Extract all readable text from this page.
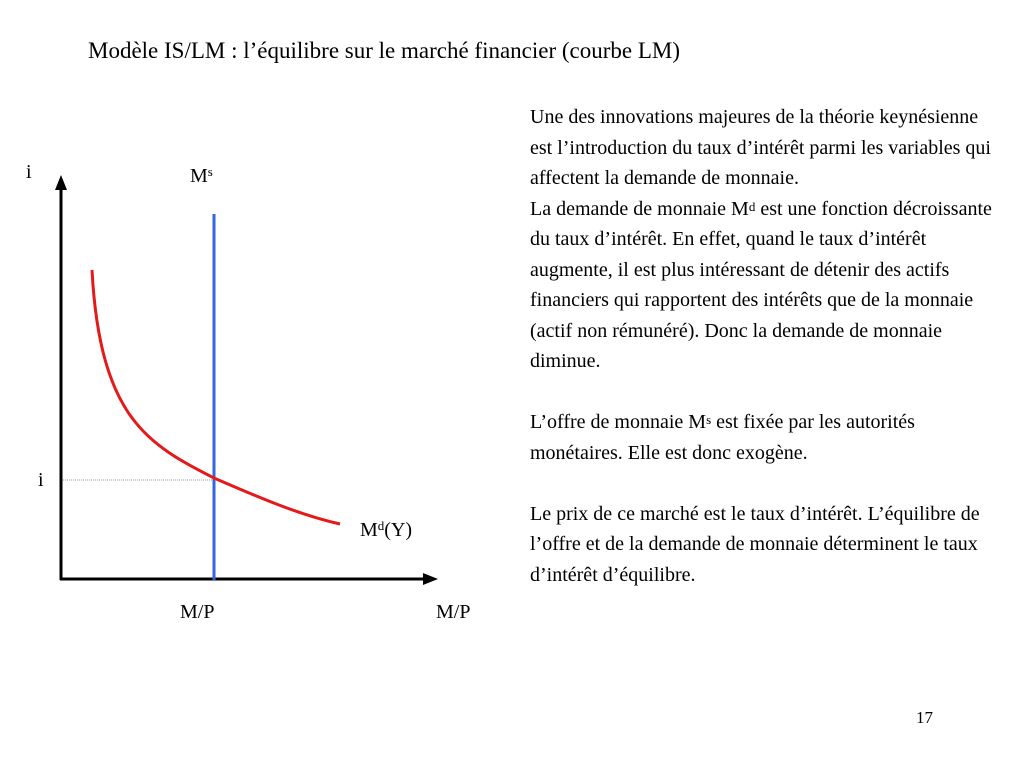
Modèle IS/LM : l’équilibre sur le marché financier (courbe LM)
i
i
$M^s$
$M^d(Y)$
M/P	M/P

Une des innovations majeures de la théorie keynésienne est l’introduction du taux d’intérêt parmi les variables qui affectent la demande de monnaie.

La demande de monnaie $M^d$ est une fonction décroissante du taux d’intérêt. En effet, quand le taux d’intérêt augmente, il est plus intéressant de détenir des actifs financiers qui rapportent des intérêts que de la monnaie (actif non rémunéré). Donc la demande de monnaie diminue.

L’offre de monnaie $M^s$ est fixée par les autorités monétaires. Elle est donc exogène.

Le prix de ce marché est le taux d’intérêt. L’équilibre de l’offre et de la demande de monnaie déterminent le taux d’intérêt d’équilibre.

17
